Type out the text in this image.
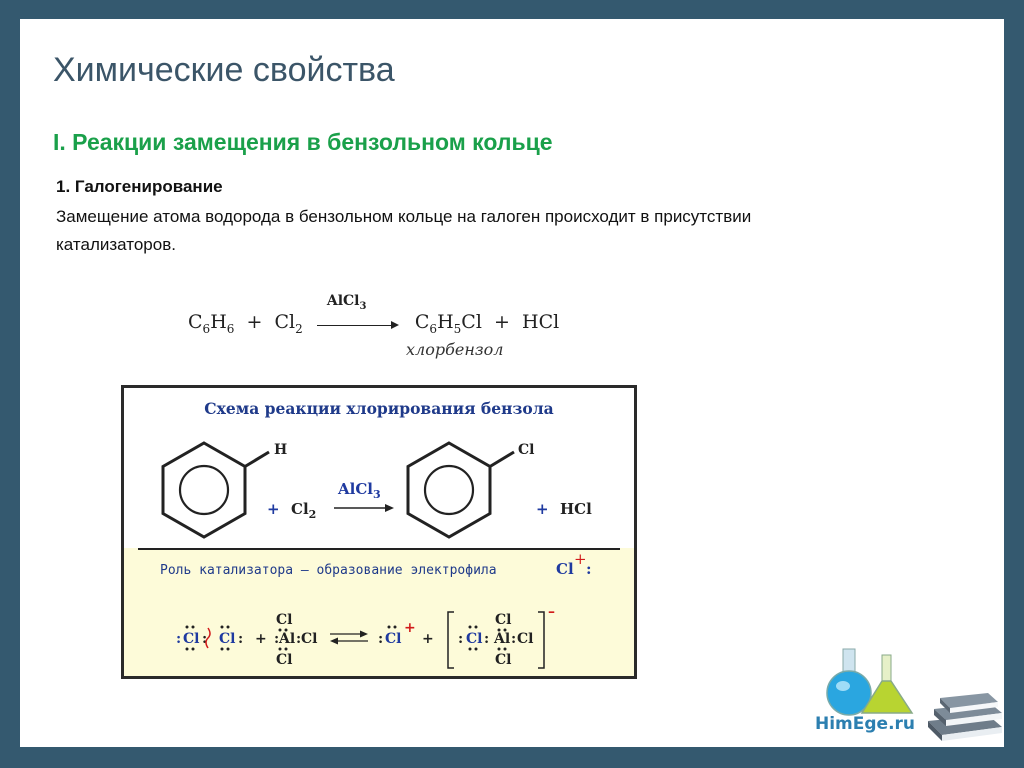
Химические свойства
I. Реакции замещения в бензольном кольце

1. Галогенирование

Замещение атома водорода в бензольном кольце на галоген происходит в присутствии катализаторов.

$C_6H_6 + Cl_2$
AlCl$_3$
$C_6H_5Cl$ + HCl
хлорбензол
Схема реакции хлорирования бензола
H
+ $Cl_2$
AlCl$_3$
Cl
+ HCl
Роль катализатора – образование электрофила	Cl
+
:
: Cl : Cl : +
Cl
: Al : Cl
Cl
: Cl
+
+ : Cl :
Cl
Al : Cl
Cl
–
HimEge.ru
